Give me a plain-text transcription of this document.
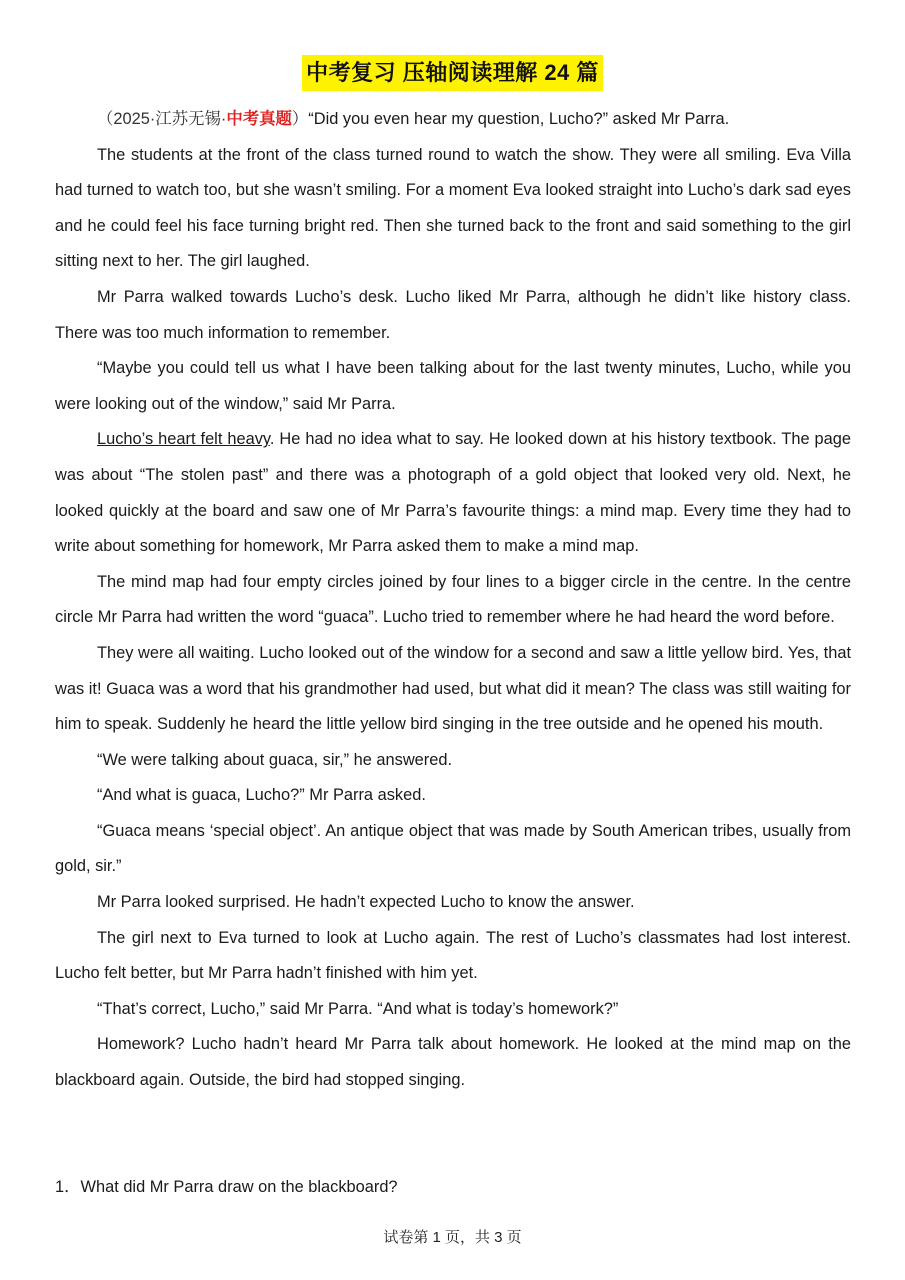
中考复习 压轴阅读理解 24 篇

（2025·江苏无锡·中考真题）“Did you even hear my question, Lucho?” asked Mr Parra.

The students at the front of the class turned round to watch the show. They were all smiling. Eva Villa had turned to watch too, but she wasn’t smiling. For a moment Eva looked straight into Lucho’s dark sad eyes and he could feel his face turning bright red. Then she turned back to the front and said something to the girl sitting next to her. The girl laughed.

Mr Parra walked towards Lucho’s desk. Lucho liked Mr Parra, although he didn’t like history class. There was too much information to remember.

“Maybe you could tell us what I have been talking about for the last twenty minutes, Lucho, while you were looking out of the window,” said Mr Parra.

Lucho’s heart felt heavy. He had no idea what to say. He looked down at his history textbook. The page was about “The stolen past” and there was a photograph of a gold object that looked very old. Next, he looked quickly at the board and saw one of Mr Parra’s favourite things: a mind map. Every time they had to write about something for homework, Mr Parra asked them to make a mind map.

The mind map had four empty circles joined by four lines to a bigger circle in the centre. In the centre circle Mr Parra had written the word “guaca”. Lucho tried to remember where he had heard the word before.

They were all waiting. Lucho looked out of the window for a second and saw a little yellow bird. Yes, that was it! Guaca was a word that his grandmother had used, but what did it mean? The class was still waiting for him to speak. Suddenly he heard the little yellow bird singing in the tree outside and he opened his mouth.

“We were talking about guaca, sir,” he answered.

“And what is guaca, Lucho?” Mr Parra asked.

“Guaca means ‘special object’. An antique object that was made by South American tribes, usually from gold, sir.”

Mr Parra looked surprised. He hadn’t expected Lucho to know the answer.

The girl next to Eva turned to look at Lucho again. The rest of Lucho’s classmates had lost interest. Lucho felt better, but Mr Parra hadn’t finished with him yet.

“That’s correct, Lucho,” said Mr Parra. “And what is today’s homework?”

Homework? Lucho hadn’t heard Mr Parra talk about homework. He looked at the mind map on the blackboard again. Outside, the bird had stopped singing.

1．What did Mr Parra draw on the blackboard?
试卷第 1 页，共 3 页
